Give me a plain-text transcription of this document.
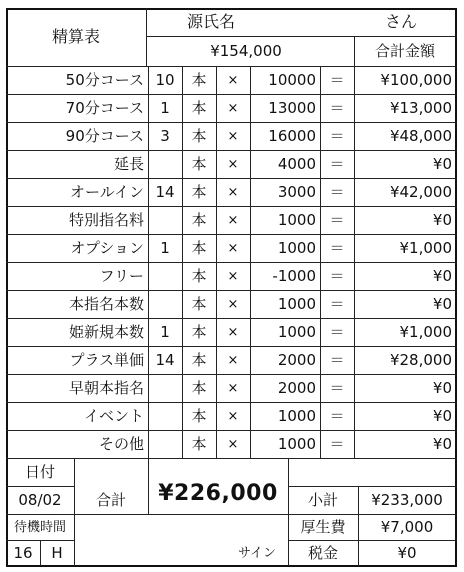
精算表
源氏名	さん
¥154,000	合計金額
50分コース 10	本	×	10000 ＝	¥100,000
70分コース	1	本	×	13000 ＝	¥13,000
90分コース	3	本	×	16000 ＝	¥48,000
延長	本	×	4000 ＝	¥0
オールイン 14	本	×	3000 ＝	¥42,000
特別指名料	本	×	1000 ＝	¥0
オプション	1	本	×	1000 ＝	¥1,000
フリー	本	×	-1000 ＝	¥0
本指名本数	本	×	1000 ＝	¥0
姫新規本数	1	本	×	1000 ＝	¥1,000
プラス単価 14	本	×	2000 ＝	¥28,000
早朝本指名	本	×	2000 ＝	¥0
イベント	本	×	1000 ＝	¥0
その他	本	×	1000 ＝	¥0
日付
08/02	合計	¥226,000	小計	¥233,000
待機時間	厚生費	¥7,000
16	H	サイン	税金	¥0
